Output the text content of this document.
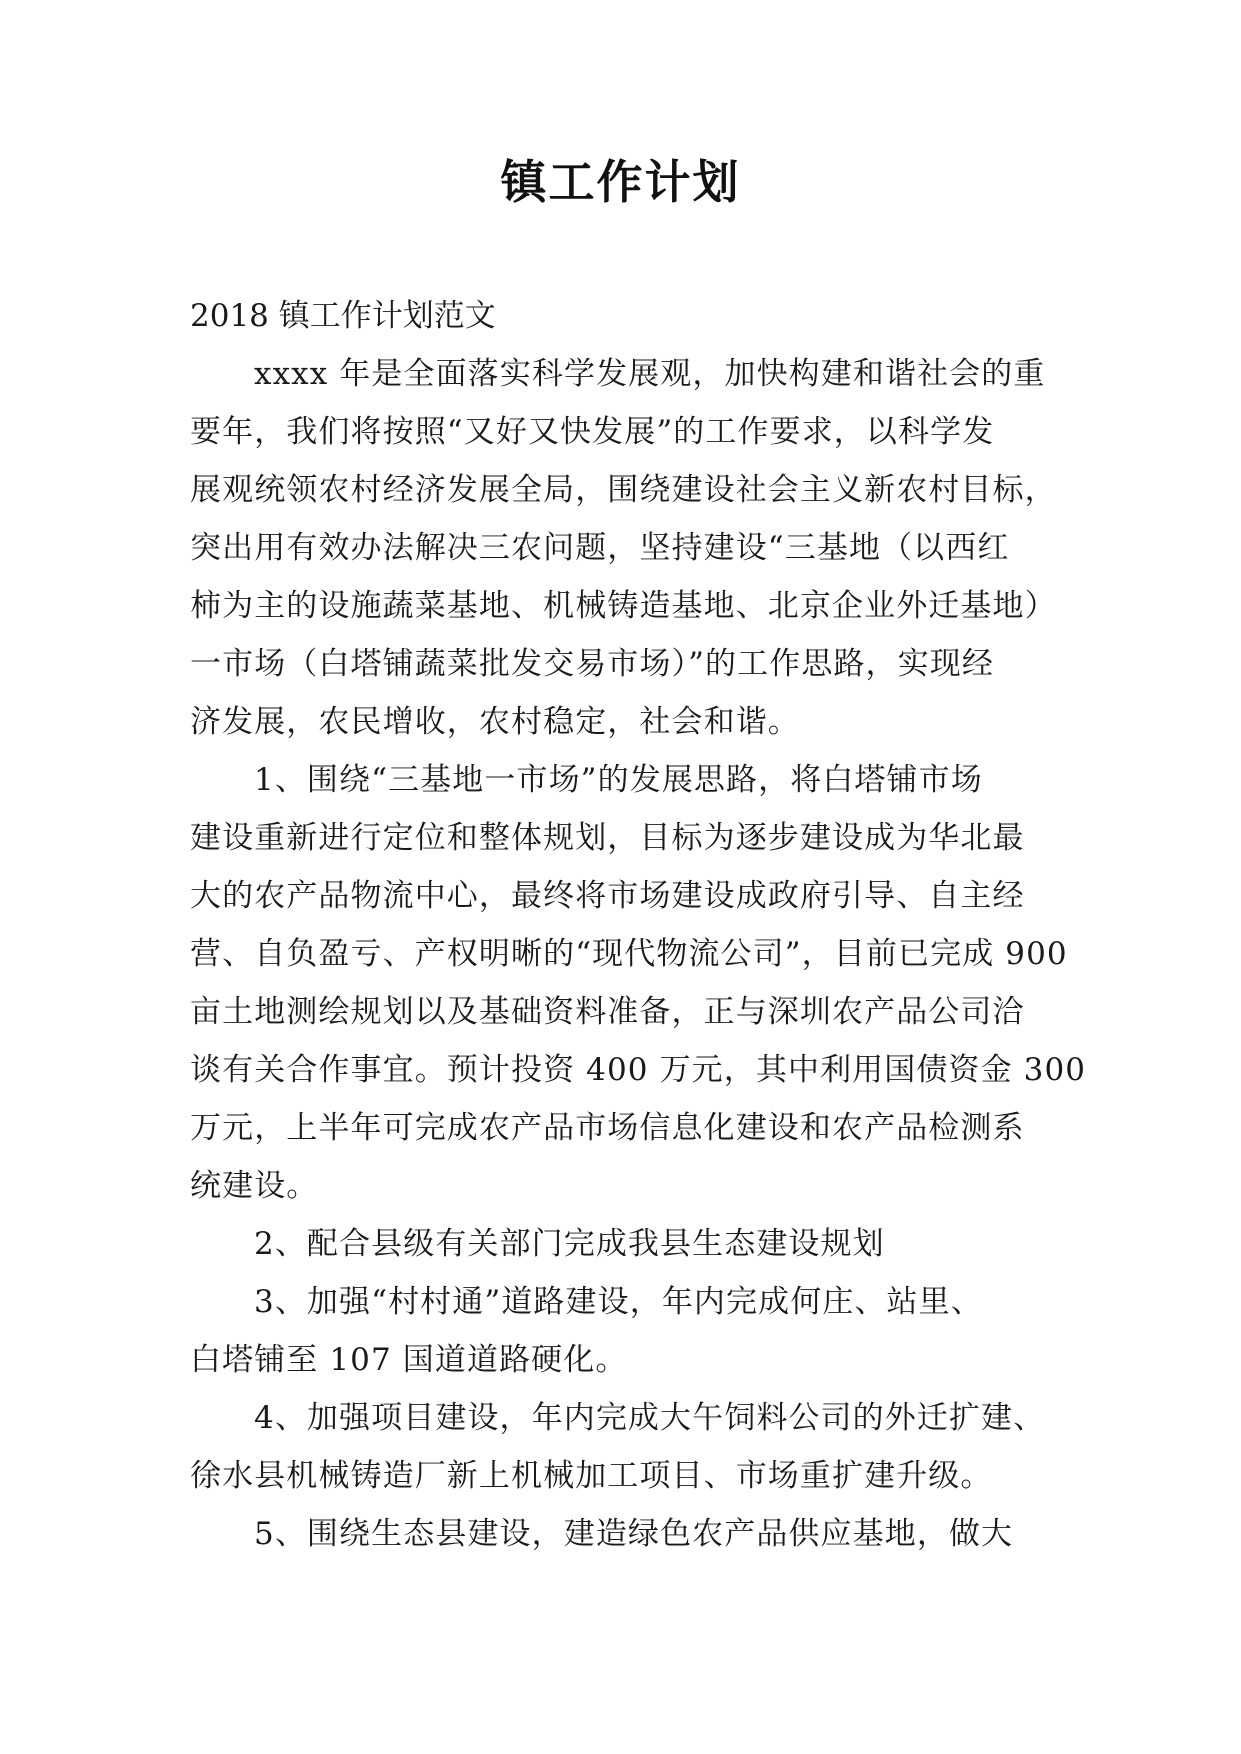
镇工作计划
2018 镇工作计划范文
xxxx 年是全面落实科学发展观，加快构建和谐社会的重
要年，我们将按照“又好又快发展”的工作要求，以科学发
展观统领农村经济发展全局，围绕建设社会主义新农村目标，
突出用有效办法解决三农问题，坚持建设“三基地（以西红
柿为主的设施蔬菜基地、机械铸造基地、北京企业外迁基地）
一市场（白塔铺蔬菜批发交易市场）”的工作思路，实现经
济发展，农民增收，农村稳定，社会和谐。
1、围绕“三基地一市场”的发展思路，将白塔铺市场
建设重新进行定位和整体规划，目标为逐步建设成为华北最
大的农产品物流中心，最终将市场建设成政府引导、自主经
营、自负盈亏、产权明晰的“现代物流公司”，目前已完成 900
亩土地测绘规划以及基础资料准备，正与深圳农产品公司洽
谈有关合作事宜。预计投资 400 万元，其中利用国债资金 300
万元，上半年可完成农产品市场信息化建设和农产品检测系
统建设。
2、配合县级有关部门完成我县生态建设规划
3、加强“村村通”道路建设，年内完成何庄、站里、
白塔铺至 107 国道道路硬化。
4、加强项目建设，年内完成大午饲料公司的外迁扩建、
徐水县机械铸造厂新上机械加工项目、市场重扩建升级。
5、围绕生态县建设，建造绿色农产品供应基地，做大
